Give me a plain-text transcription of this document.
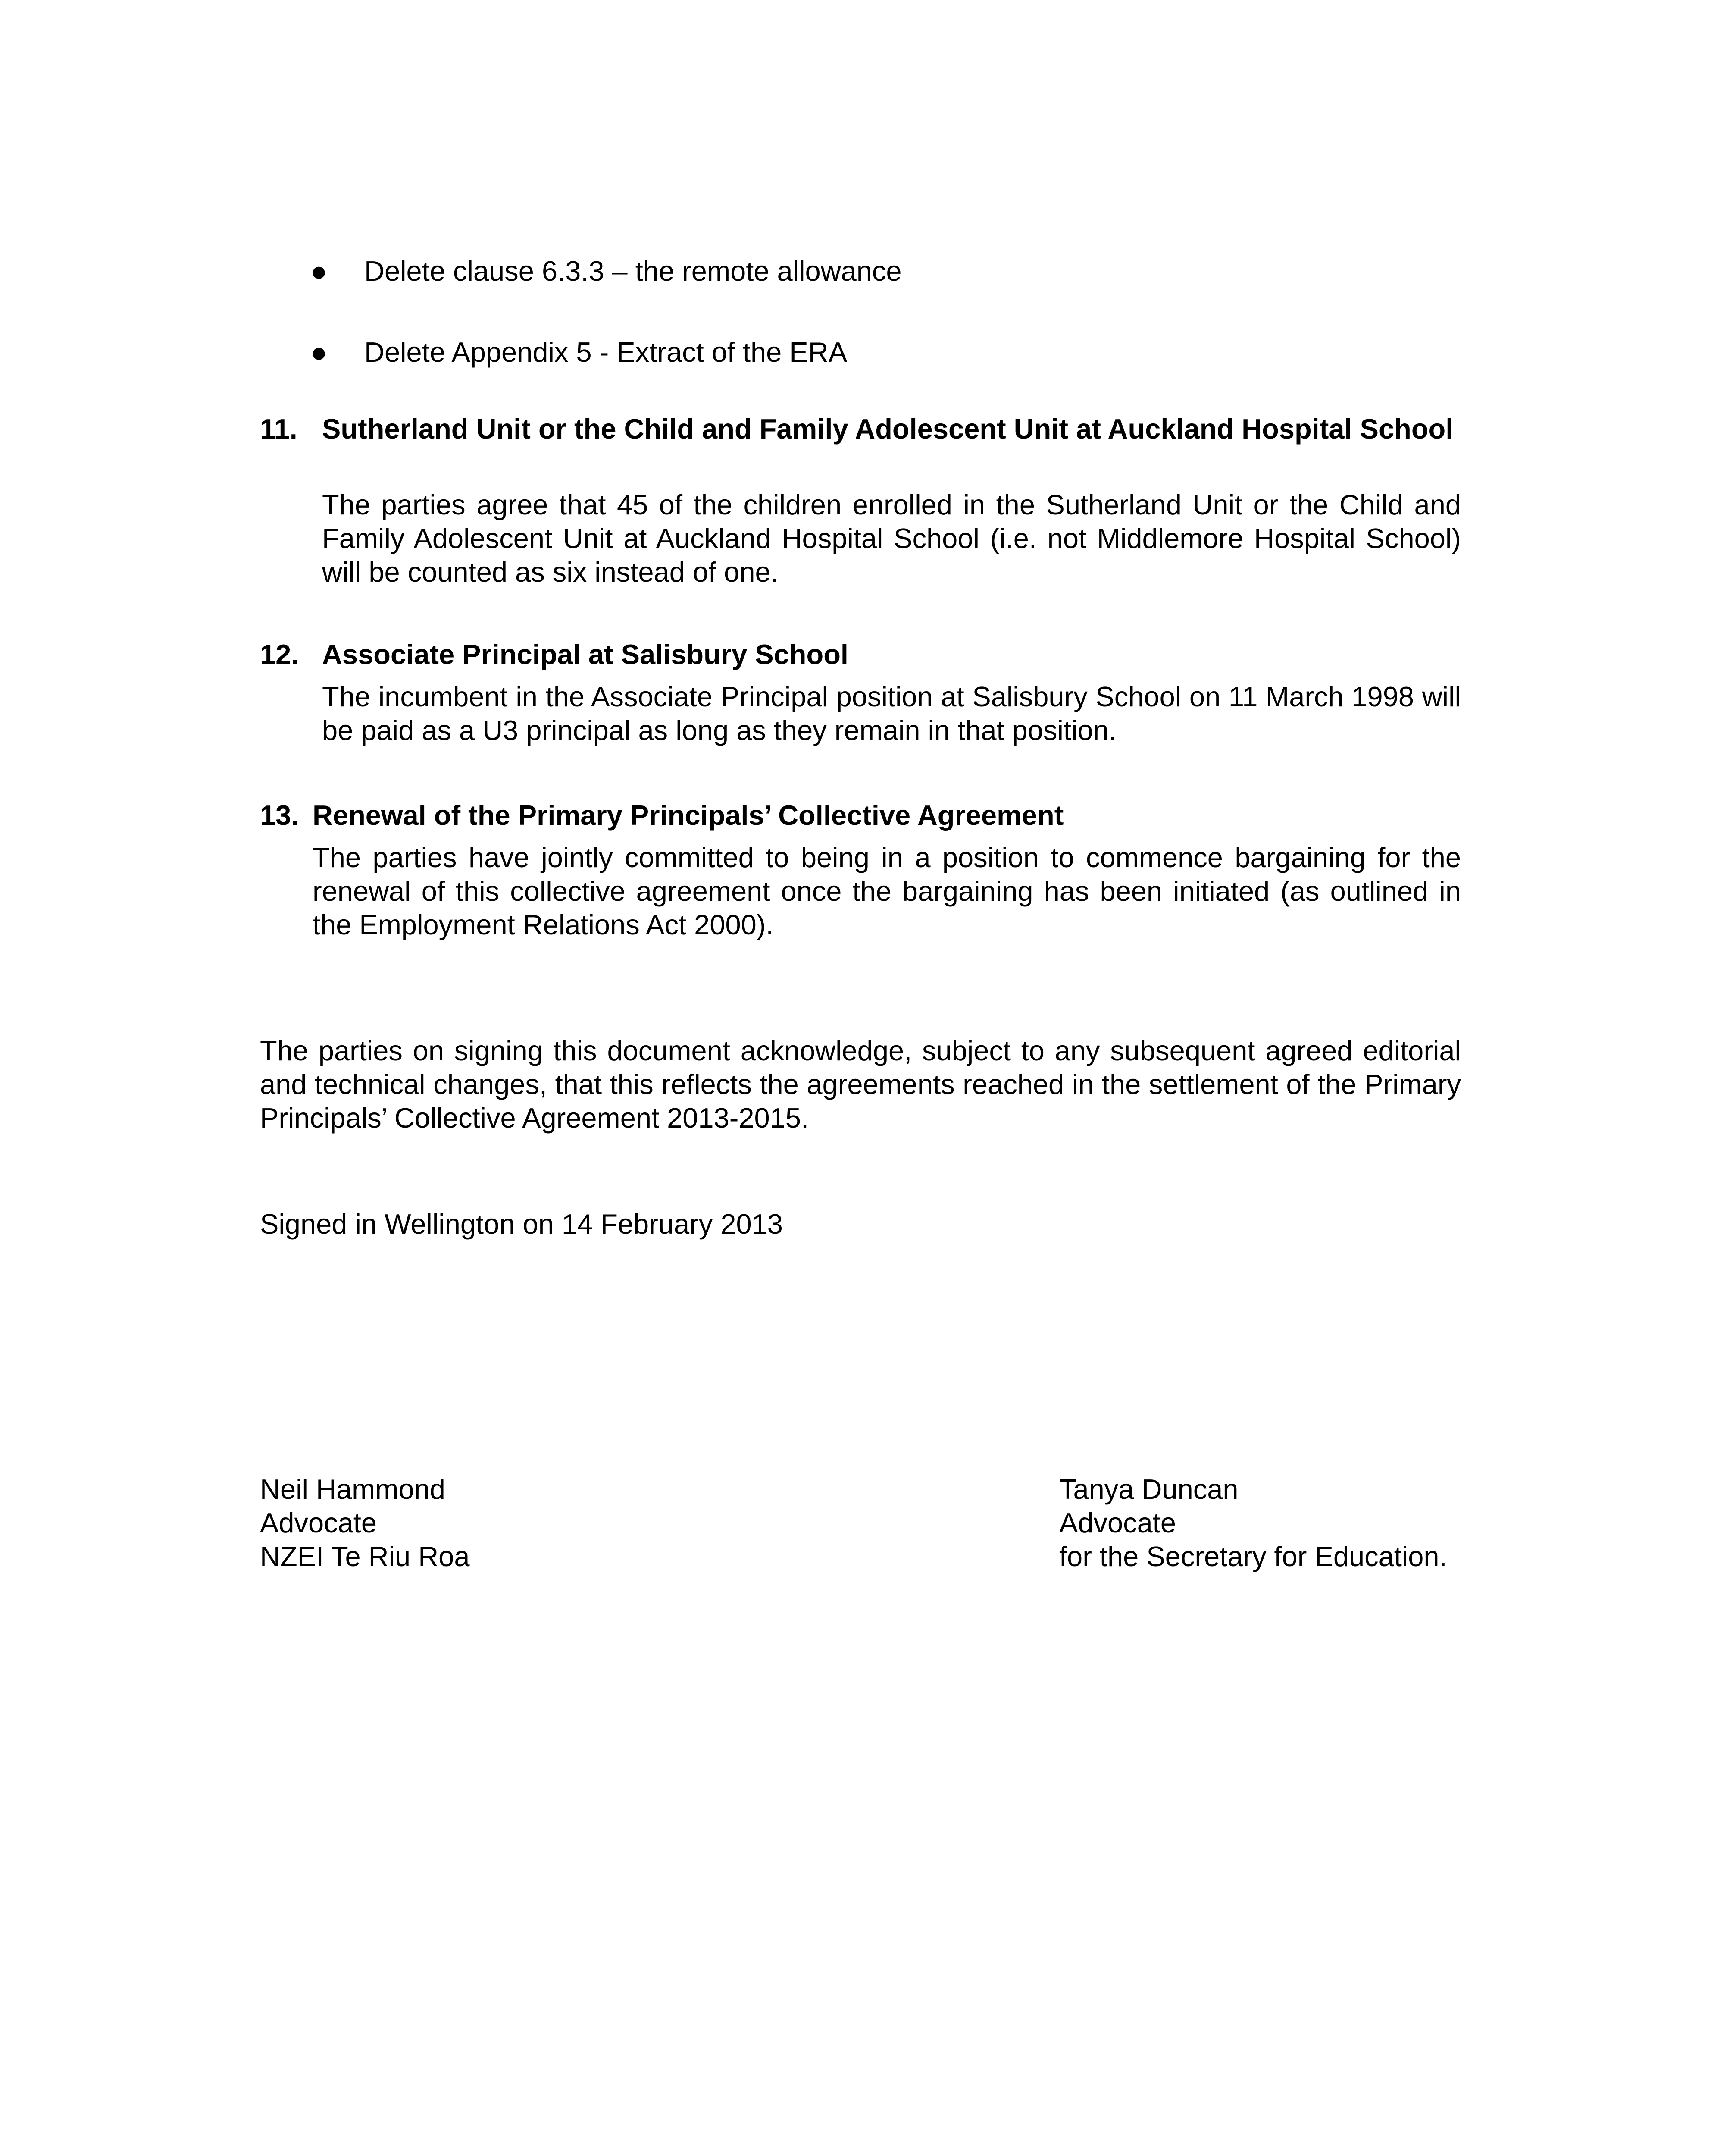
●	Delete clause 6.3.3 – the remote allowance
●	Delete Appendix 5 - Extract of the ERA
11. Sutherland Unit or the Child and Family Adolescent Unit at Auckland Hospital School

The parties agree that 45 of the children enrolled in the Sutherland Unit or the Child and Family Adolescent Unit at Auckland Hospital School (i.e. not Middlemore Hospital School) will be counted as six instead of one.

12. Associate Principal at Salisbury School

The incumbent in the Associate Principal position at Salisbury School on 11 March 1998 will be paid as a U3 principal as long as they remain in that position.

13. Renewal of the Primary Principals’ Collective Agreement

The parties have jointly committed to being in a position to commence bargaining for the renewal of this collective agreement once the bargaining has been initiated (as outlined in the Employment Relations Act 2000).

The parties on signing this document acknowledge, subject to any subsequent agreed editorial and technical changes, that this reflects the agreements reached in the settlement of the Primary Principals’ Collective Agreement 2013-2015.

Signed in Wellington on 14 February 2013

Neil Hammond
Advocate
NZEI Te Riu Roa
Tanya Duncan
Advocate
for the Secretary for Education.
